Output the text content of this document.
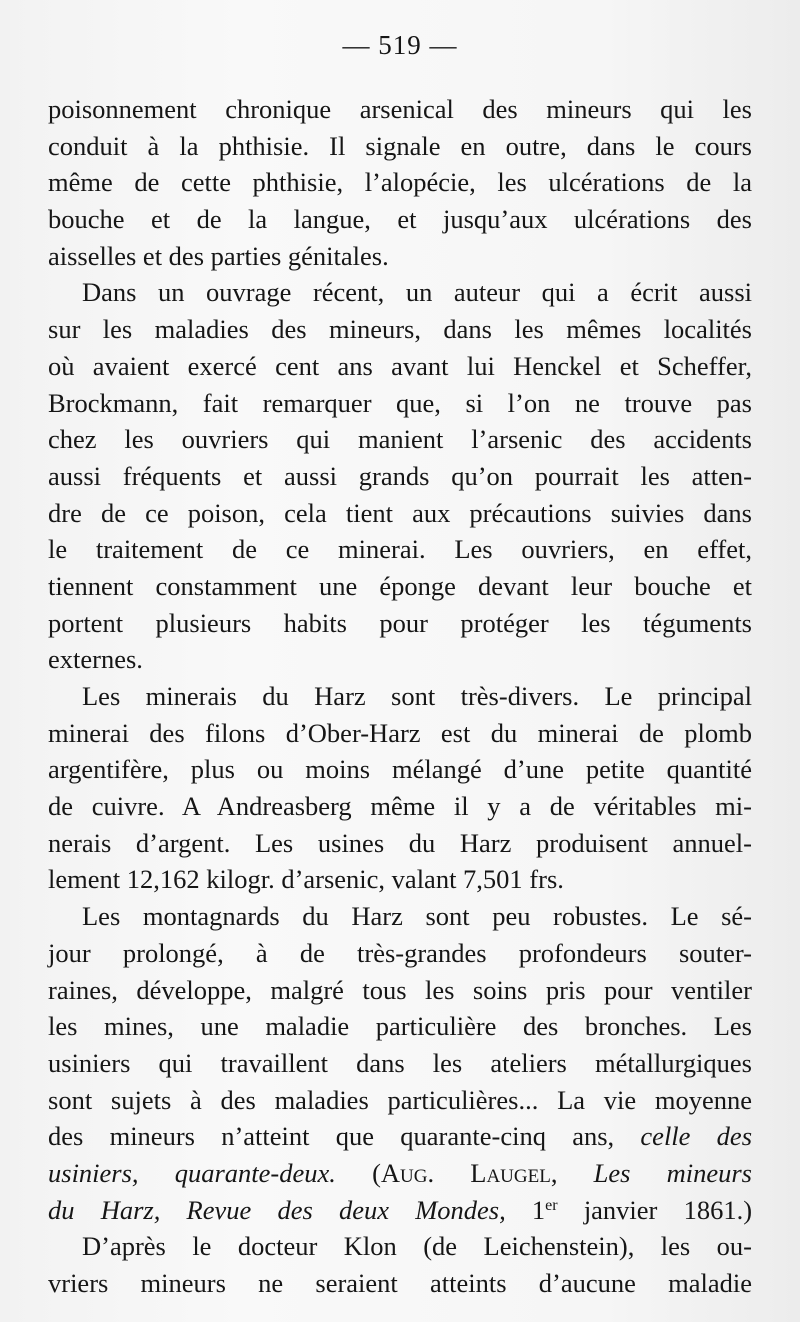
— 519 —
poisonnement chronique arsenical des mineurs qui les
conduit à la phthisie. Il signale en outre, dans le cours
même de cette phthisie, l’alopécie, les ulcérations de la
bouche et de la langue, et jusqu’aux ulcérations des
aisselles et des parties génitales.
Dans un ouvrage récent, un auteur qui a écrit aussi
sur les maladies des mineurs, dans les mêmes localités
où avaient exercé cent ans avant lui Henckel et Scheffer,
Brockmann, fait remarquer que, si l’on ne trouve pas
chez les ouvriers qui manient l’arsenic des accidents
aussi fréquents et aussi grands qu’on pourrait les atten-
dre de ce poison, cela tient aux précautions suivies dans
le traitement de ce minerai. Les ouvriers, en effet,
tiennent constamment une éponge devant leur bouche et
portent plusieurs habits pour protéger les téguments
externes.
Les minerais du Harz sont très-divers. Le principal
minerai des filons d’Ober-Harz est du minerai de plomb
argentifère, plus ou moins mélangé d’une petite quantité
de cuivre. A Andreasberg même il y a de véritables mi-
nerais d’argent. Les usines du Harz produisent annuel-
lement 12,162 kilogr. d’arsenic, valant 7,501 frs.
Les montagnards du Harz sont peu robustes. Le sé-
jour prolongé, à de très-grandes profondeurs souter-
raines, développe, malgré tous les soins pris pour ventiler
les mines, une maladie particulière des bronches. Les
usiniers qui travaillent dans les ateliers métallurgiques
sont sujets à des maladies particulières... La vie moyenne
des mineurs n’atteint que quarante-cinq ans, celle des
usiniers, quarante-deux. (Aug. Laugel, Les mineurs
du Harz, Revue des deux Mondes, 1er janvier 1861.)
D’après le docteur Klon (de Leichenstein), les ou-
vriers mineurs ne seraient atteints d’aucune maladie
